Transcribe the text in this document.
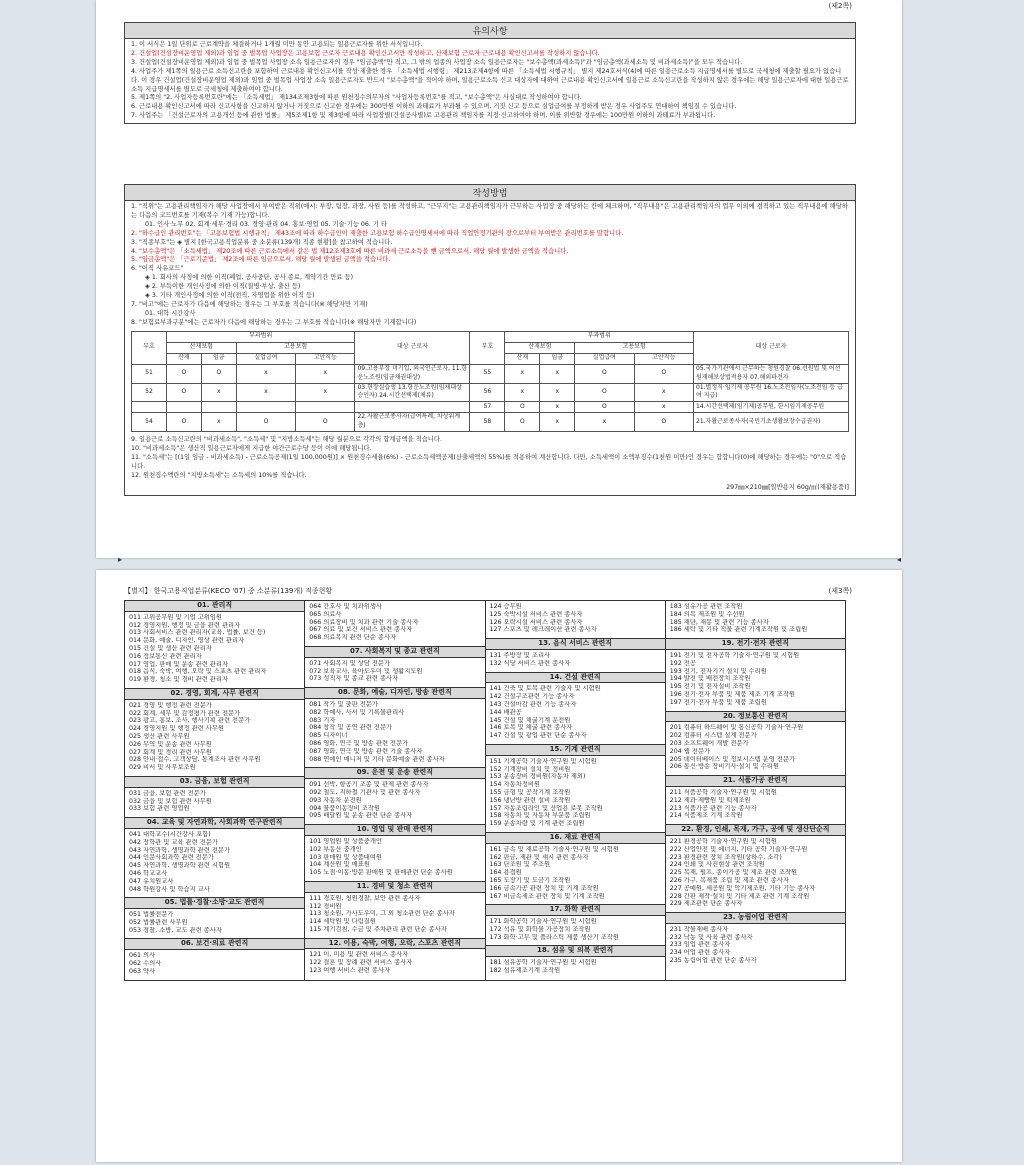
(제2쪽)
유의사항

1. 이 서식은 1일 단위로 근로계약을 체결하거나 1개월 미만 동안 고용되는 일용근로자를 위한 서식입니다.

2. 건설업(건설장비운영업 제외)과 임업 중 벌목업 사업장은 고용보험 근로자 근로내용 확인신고서만 작성하고, 산재보험 근로자 근로내용 확인신고서를 작성하지 않습니다.

3. 건설업(건설장비운영업 제외)과 임업 중 벌목업 사업장 소속 일용근로자의 경우 "임금총액"만 적고, 그 밖의 업종의 사업장 소속 일용근로자는 "보수총액(과세소득)"과 "임금총액(과세소득 및 비과세소득)"을 모두 적습니다.

4. 사업주가 제1쪽의 일용근로 소득신고란을 포함하여 근로내용 확인신고서를 작성·제출한 경우 「소득세법 시행령」 제213조제4항에 따른 「소득세법 시행규칙」 별지 제24호서식(4)에 따른 일용근로소득 지급명세서를 별도로 국세청에 제출할 필요가 없습니다. 이 경우 건설업(건설장비운영업 제외)과 임업 중 벌목업 사업장 소속 일용근로자도 반드시 "보수총액"을 적어야 하며, 일용근로소득 신고 대상자에 대하여 근로내용 확인신고서에 일용근로 소득신고란을 작성하지 않은 경우에는 해당 일용근로자에 대한 일용근로소득 지급명세서를 별도로 국세청에 제출하여야 합니다.

5. 제1쪽의 "2. 사업자등록번호란"에는 「소득세법」 제134조제3항에 따른 원천징수의무자의 "사업자등록번호"를 적고, "보수총액"은 사실대로 작성하여야 합니다.

6. 근로내용 확인신고서에 따라 신고사항을 신고하지 않거나 거짓으로 신고한 경우에는 300만원 이하의 과태료가 부과될 수 있으며, 거짓 신고 등으로 실업급여를 부정하게 받은 경우 사업주도 연대하여 책임질 수 있습니다.

7. 사업주는 「건설근로자의 고용개선 등에 관한 법률」 제5조제1항 및 제3항에 따라 사업장별(건설공사별)로 고용관리 책임자를 지정·신고하여야 하며, 이를 위반할 경우에는 100만원 이하의 과태료가 부과됩니다.

작성방법

1. "직위"는 고용관리책임자가 해당 사업장에서 부여받은 직위(예시: 부장, 팀장, 과장, 사원 등)를 작성하고, "근무지"는 고용관리책임자가 근무하는 사업장 중 해당하는 칸에 체크하며, "직무내용"은 고용관리책임자의 업무 이외에 겸직하고 있는 직무내용에 해당하는 다음의 코드번호를 기재(복수 기재 가능)합니다.

01. 인사·노무 02. 회계·세무·경리 03. 경영·관리 04. 홍보·영업 05. 기술·기능 06. 기 타

2. "하수급인 관리번호"는 「고용보험법 시행규칙」 제43조에 따라 하수급인이 제출한 고용보험 하수급인명세서에 따라 직업안정기관의 장으로부터 부여받은 관리번호를 말합니다.

3. "직종부호"는 ◈ 별지 [한국고용직업분류 중 소분류(139개) 직종 현황]을 참고하여 적습니다.

4. "보수총액"은 「소득세법」 제20조에 따른 근로소득에서 같은 법 제12조제3호에 따른 비과세 근로소득을 뺀 금액으로서, 해당 월에 발생한 금액을 적습니다.

5. "임금총액"은 「근로기준법」 제2조에 따른 임금으로서, 해당 월에 발생된 금액을 적습니다.

6. "이직 사유코드"

◈ 1. 회사의 사정에 의한 이직(폐업, 공사중단, 공사 종료, 계약기간 만료 등)

◈ 2. 부득이한 개인사정에 의한 이직(질병·부상, 출산 등)

◈ 3. 기타 개인사정에 의한 이직(전직, 자영업을 위한 이직 등)

7. "비고"에는 근로자가 다음에 해당하는 경우는 그 부호를 적습니다(※ 해당자만 기재)

01. 대학 시간강사

8. "보험료부과구분"에는 근로자가 다음에 해당하는 경우는 그 부호를 적습니다(※ 해당자만 기재합니다)

부호	부과범위				대상 근로자	부호	부과범위				대상 근로자
	산재보험		고용보험				산재보험		고용보험		
	산재	임금	실업급여	고안직능			산재	임금	실업급여	고안직능	
51	O	O	x	x	09.고용부장 미기입, 외국인근로자, 11.항운노조원(임금채권대상)	55	x	x	O	O	05.국가기관에서 근무하는 청원경찰 06.선원법 및 어선원재해보상법적용자 07.해외파견자
52	O	x	x	x	03.현장실습생 13.항운노조원(임채대상 승인자) 24.시간선택제(체류)	56	x	x	O	x	01.별정직·임기제 공무원 16.노조전임자(노조전임 등 급여 지급)
						57	O	x	O	x	14.시간선택제(임기제)공무원, 한시임기제공무원
54	O	x	O	O	22.자활근로종사자(급여특례, 차상위계층)	58	O	x	x	O	21.자활근로종사자(국민기초생활보장수급권자)

9. 일용근로 소득신고란의 "비과세소득", "소득세" 및 "지방소득세"는 해당 월분으로 각각의 합계금액을 적습니다.

10. "비과세소득"은 생산직 일용근로자에게 지급한 야간근로수당 등이 이에 해당됩니다.

11. "소득세"는 [(1일 임금 - 비과세소득) - 근로소득공제(1일 100,000원)] × 원천징수세율(6%) - 근로소득세액공제(산출세액의 55%)를 적용하여 계산합니다. 다만, 소득세액이 소액부징수(1천원 미만)인 경우는 합합니다(0)에 해당하는 경우에는 "0"으로 적습니다.

12. 원천징수액란의 "지방소득세"는 소득세의 10%를 적습니다.

297㎜×210㎜[일반용지 60g/㎡(재활용품)]
▸	◂
【별지】 한국고용직업분류(KECO '07) 중 소분류(139개) 직종현황	(제3쪽)
01. 관리직
011 고위공무원 및 기업 고위임원
012 경영지원, 행정 및 금융 관련 관리자
013 사회서비스 관련 관리자(교육, 법률, 보건 등)
014 문화, 예술, 디자인, 영상 관련 관리자
015 건설 및 생산 관련 관리자
016 정보통신 관련 관리자
017 영업, 판매 및 운송 관련 관리자
018 음식, 숙박, 여행, 오락 및 스포츠 관련 관리자
019 환경, 청소 및 경비 관련 관리자
02. 경영, 회계, 사무 관련직
021 경영 및 행정 관련 전문가
022 회계, 세무 및 감정평가 관련 전문가
023 광고, 홍보, 조사, 행사기획 관련 전문가
024 경영지원 및 행정 관련 사무원
025 생산 관련 사무원
026 무역 및 운송 관련 사무원
027 회계 및 경리 관련 사무원
028 안내·접수, 고객상담, 통계조사 관련 사무원
029 비서 및 사무보조원
03. 금융, 보험 관련직
031 금융, 보험 관련 전문가
032 금융 및 보험 관련 사무원
033 보험 관련 영업원
04. 교육 및 자연과학, 사회과학 연구관련직
041 대학교수(시간강사 포함)
042 장학관 및 교육 관련 전문가
043 자연과학, 생명과학 관련 전문가
044 인문사회과학 관련 전문가
045 자연과학, 생명과학 관련 시험원
046 학교교사
047 유치원교사
048 학원강사 및 학습지 교사
05. 법률·경찰·소방·교도 관련직
051 법률전문가
052 법률관련 사무원
053 경찰, 소방, 교도 관련 종사자
06. 보건·의료 관련직
061 의사
062 수의사
063 약사
064 간호사 및 치과위생사
065 의료사
066 의료장비 및 치과 관련 기술 종사자
067 의료 및 보건 서비스 관련 종사자
068 의료복지 관련 단순 종사자
07. 사회복지 및 종교 관련직
071 사회복지 및 상담 전문가
072 보육교사, 육아도우미 및 생활지도원
073 성직자 및 종교 관련 종사자
08. 문화, 예술, 디자인, 방송 관련직
081 작가 및 출판 전문가
082 학예사, 사서 및 기록물관리사
083 기자
084 창작 및 공연 관련 전문가
085 디자이너
086 영화, 연극 및 방송 관련 전문가
087 영화, 연극 및 방송 관련 기술 종사자
088 연예인 매니저 및 기타 문화예술 관련 종사자
09. 운전 및 운송 관련직
091 선박, 항공기 조종 및 관제 관련 종사자
092 철도, 지하철 기관사 및 관련 종사자
093 자동차 운전원
094 물품이동장비 조작원
095 배달원 및 운송 관련 단순 종사자
10. 영업 및 판매 관련직
101 영업원 및 상품중개인
102 부동산 중개인
103 판매원 및 상품대여원
104 계산원 및 매표원
105 노점·이동·방문 판매원 및 판매관련 단순 종사원
11. 경비 및 청소 관련직
111 경호원, 청원경찰, 보안 관련 종사자
112 경비원
113 청소원, 가사도우미, 그 외 청소관련 단순 종사자
114 세탁원 및 다림질원
115 계기검침, 수금 및 주차관리 관련 단순 종사자
12. 이용, 숙박, 여행, 오락, 스포츠 관련직
121 이, 미용 및 관련 서비스 종사자
122 결혼 및 장례 관련 서비스 종사자
123 여행 서비스 관련 종사자
124 승무원
125 숙박시설 서비스 관련 종사자
126 오락시설 서비스 관련 종사자
127 스포츠 및 레크레이션 관련 종사자
13. 음식 서비스 관련직
131 주방장 및 조리사
132 식당 서비스 관련 종사자
14. 건설 관련직
141 건축 및 토목 관련 기술자 및 시험원
142 건설구조관련 기능 종사자
143 건설마감 관련 기능 종사자
144 배관공
145 건설 및 채굴기계 운전원
146 토목 및 채굴 관련 종사자
147 건설 및 광업 관련 단순 종사자
15. 기계 관련직
151 기계공학 기술자·연구원 및 시험원
152 기계장비 설치 및 정비원
153 운송장비 정비원(자동차 제외)
154 자동차정비원
155 금형 및 공작기계 조작원
156 냉난방 관련 설비 조작원
157 자동조립라인 및 산업용 로봇 조작원
158 자동차 및 자동차 부분품 조립원
159 운송차량 및 기계 관련 조립원
16. 재료 관련직
161 금속 및 재료공학 기술자·연구원 및 시험원
162 판금, 제관 및 섀시 관련 종사자
163 단조원 및 주조원
164 용접원
165 도장기 및 도금기 조작원
166 금속가공 관련 장치 및 기계 조작원
167 비금속제조 관련 장치 및 기계 조작원
17. 화학 관련직
171 화학공학 기술자·연구원 및 시험원
172 석유 및 화학물 가공장치 조작원
173 화학·고무 및 플라스틱 제품 생산기 조작원
18. 섬유 및 의복 관련직
181 섬유공학 기술자·연구원 및 시험원
182 섬유제조기계 조작원
183 섬유가공 관련 조작원
184 의복 제조원 및 수선원
185 재단, 재봉 및 관련 기능 종사자
186 세탁 및 기타 직물 관련 기계조작원 및 조립원
19. 전기·전자 관련직
191 전기 및 전자공학 기술자·연구원 및 시험원
192 전공
193 전기, 전자기기 설치 및 수리원
194 발전 및 배전장치 조작원
195 전기 및 전자설비 조작원
196 전기·전자 부품 및 제품 제조 기계 조작원
197 전기·전자 부품 및 제품 조립원
20. 정보통신 관련직
201 컴퓨터 하드웨어 및 통신공학 기술자·연구원
202 컴퓨터 시스템 설계 전문가
203 소프트웨어 개발 전문가
204 웹 전문가
205 데이터베이스 및 정보시스템 운영 전문가
206 통신·방송 장비기사·설치 및 수리원
21. 식품가공 관련직
211 식품공학 기술자·연구원 및 시험원
212 제과·제빵원 및 떡제조원
213 식품가공 관련 기능 종사자
214 식품제조 기계 조작원
22. 환경, 인쇄, 목재, 가구, 공예 및 생산단순직
221 환경공학 기술자·연구원 및 시험원
222 산업안전 및 에너지, 기타 공학 기술자·연구원
223 환경관련 장치 조작원(상하수, 소각)
224 인쇄 및 사진현상 관련 조작원
225 목재, 펄프, 종이가공 및 제조 관련 조작원
226 가구, 목제품 조립 및 제조 관련 종사자
227 공예원, 세공원 및 악기제조원, 기타 기능 종사자
228 간판 제작·설치 및 기타 제조 관련 기계 조작원
229 제조관련 단순 종사자
23. 농림어업 관련직
231 작물재배 종사자
232 낙농 및 사육 관련 종사자
233 임업 관련 종사자
234 어업 관련 종사자
235 농림어업 관련 단순 종사자
